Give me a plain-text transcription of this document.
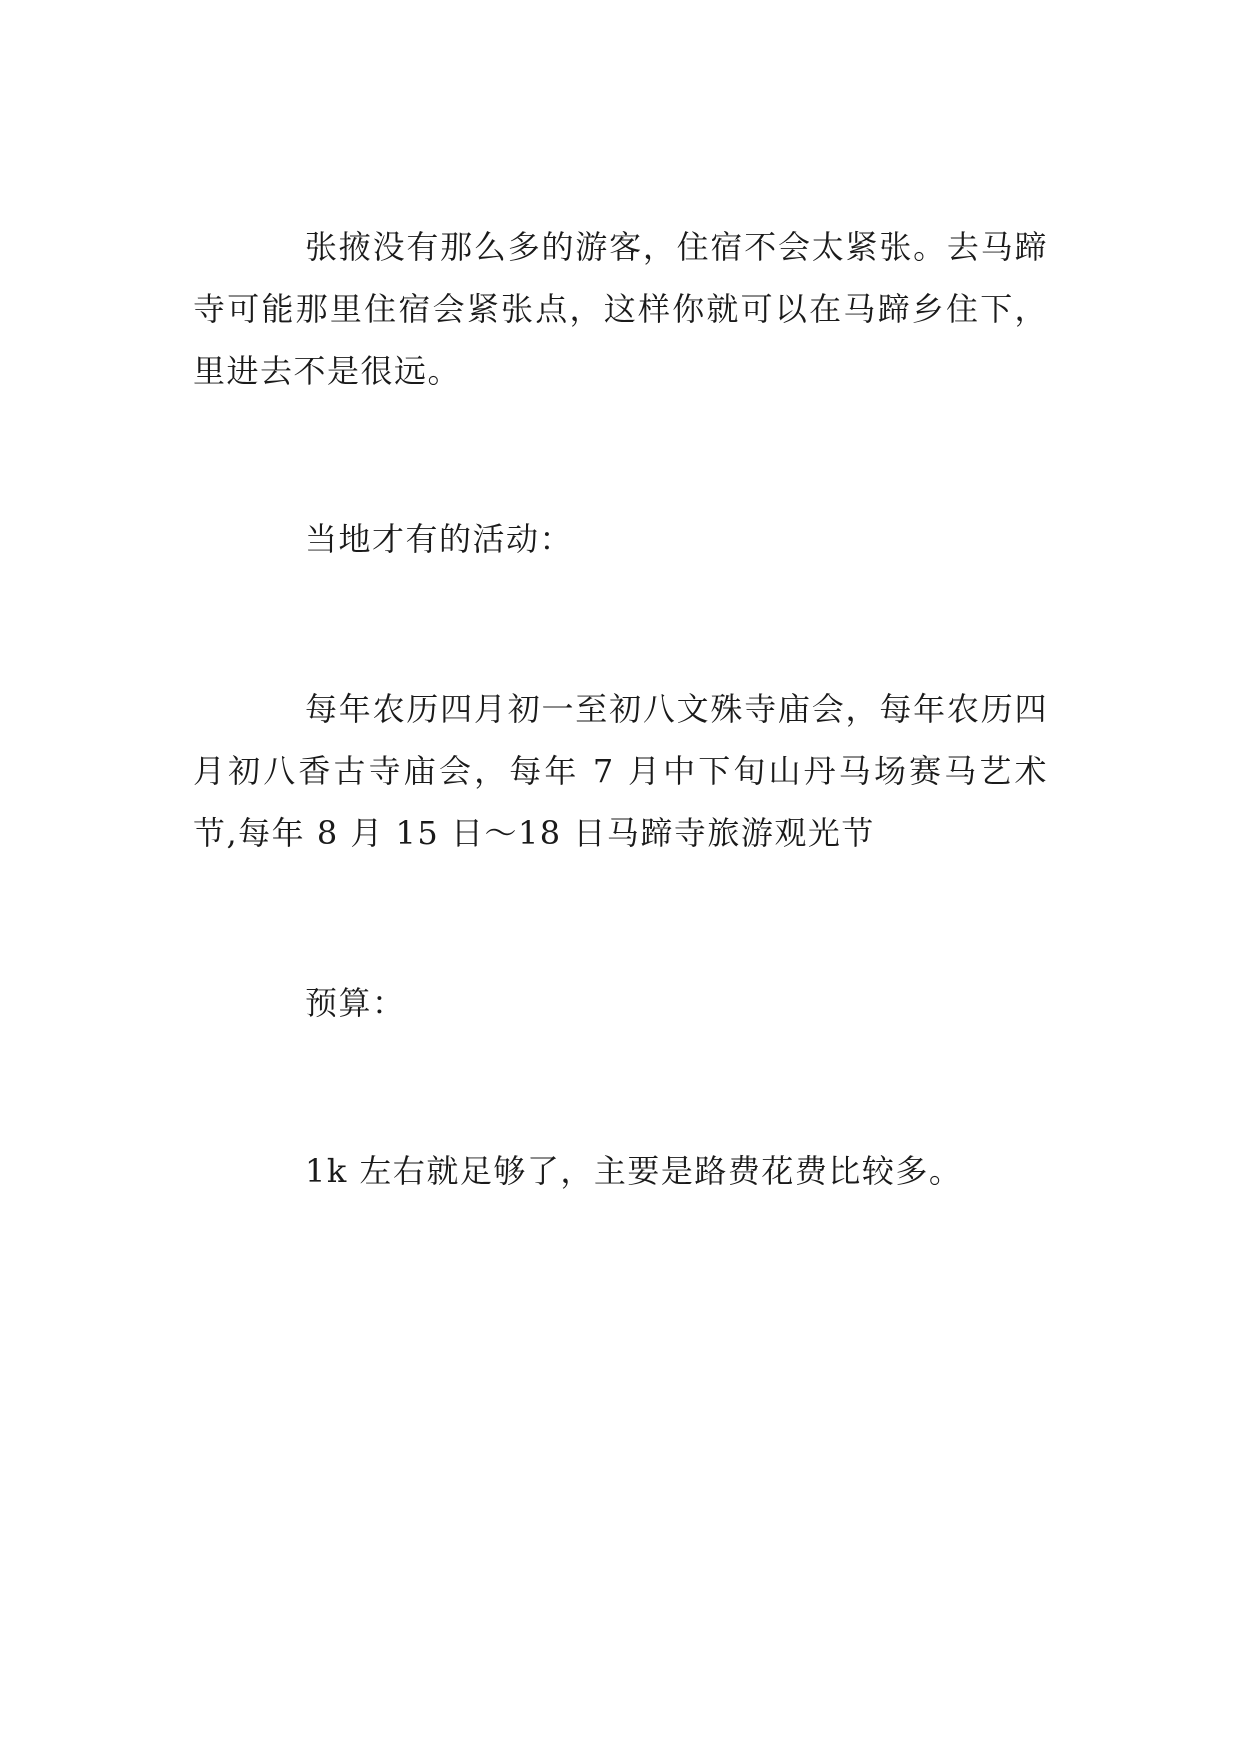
张掖没有那么多的游客，住宿不会太紧张。去马蹄寺可能那里住宿会紧张点，这样你就可以在马蹄乡住下，里进去不是很远。

当地才有的活动：

每年农历四月初一至初八文殊寺庙会，每年农历四月初八香古寺庙会，每年 7 月中下旬山丹马场赛马艺术节,每年 8 月 15 日～18 日马蹄寺旅游观光节

预算：

1k 左右就足够了，主要是路费花费比较多。
